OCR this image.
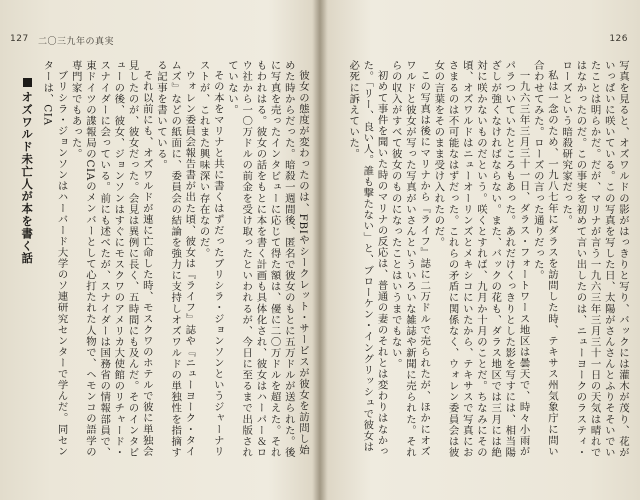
127 二〇三九年の真実

彼女の態度が変わったのは、FBIやシークレット・サービスが彼女を訪問し始めた時からだった。暗殺一週間後、匿名で彼女のもとに五万ドルが送られた。後に写真を売ったインタビューに応じて得た額は、優に二〇万ドルを超えた。それもわれはる。彼女の話をもとに本を書く計画も具体化され、彼女はハーパー＆ロウ社から一〇万ドルの前金を受け取ったといわれるが、今日に至るまで出版されていない。

その本をマリナと共に書くはずだったブリシラ・ジョンソンというジャーナリストが、これまた興味深い存在なのだ。

ウォレン委員会報告書が出た頃、彼女は『ライフ』誌や『ニューヨーク・タイムズ』などの紙面に、委員会の結論を強力に支持しオズワルドの単独性を指摘する記事を書いている。

それ以前にも、オズワルドが連に亡命した時、モスクワのホテルで彼に単独会見したのが、彼女だった。会見は異例に長く、五時間にも及んだ。そのインタビューの後、彼女、ジョンソンはすぐにモスクワのアメリカ大使館のリチャード・スナイダーに会っている。前にも述べたが、スナイダーは国務省の情報部員で、東ドイツの諜報局のCIAのメンバーとして心打たれた人物で、ヘモンコの語学の専門家でもあった。

ブリシラ・ジョンソンはハーバード大学のソ連研究センターで学んだ。同センターは、CIA

オズワルド未亡人が本を書く話
126

写真を見ると、オズワルドの影がはっきりと写り、バックには灌木が茂り、花がいっぱいに咲いている。この写真を写した日、太陽がさんさんとふりそそいでいたことは明らかだ。だが、マリナが言う一九六三年三月三十一日の天気は晴れではなかったのだ。この事実を初めて言い出したのは、ニューヨークのラスティ・ローズという暗殺研究家だった。

私は一念のため、一九八七年にダラスを訪問した時、テキサス州気象庁に問い合わせてみた。ローズの言った通りだった。

一九六三年三月三十一日、ダラス・フォートワース地区は曇天で、時々小雨がパラついていたところもあった。あれだけくっきりとした影を写すには、相当陽ざしが強くなければならない。また、バックの花も、ダラス地区では三月には絶対に咲かないものだという。咲くとすれば、九月か十月のことだ。ちなみにその頃、オズワルドはニューオーリンズとメキシコにいたから、テキサスで写真におさまるのは不可能なはずだった。これらの矛盾に関係なく、ウォレン委員会は彼女の言葉をそのまま受け入れたのだ。

この写真は後にマリナから『ライフ』誌に二万ドルで売られたが、ほかにオズワルドと彼女が写った写真がいさんといういろいな雑誌や新聞に売られた。それらの収入がすべて彼女のものになったことはいうまでもない。

初めて事件を聞いた時のマリナの反応は、普通の妻のそれとは変わりはなかった。「リー、良い人。誰も撃たない」と、ブローケン・イングリッシュで彼女は必死に訴えていた。
